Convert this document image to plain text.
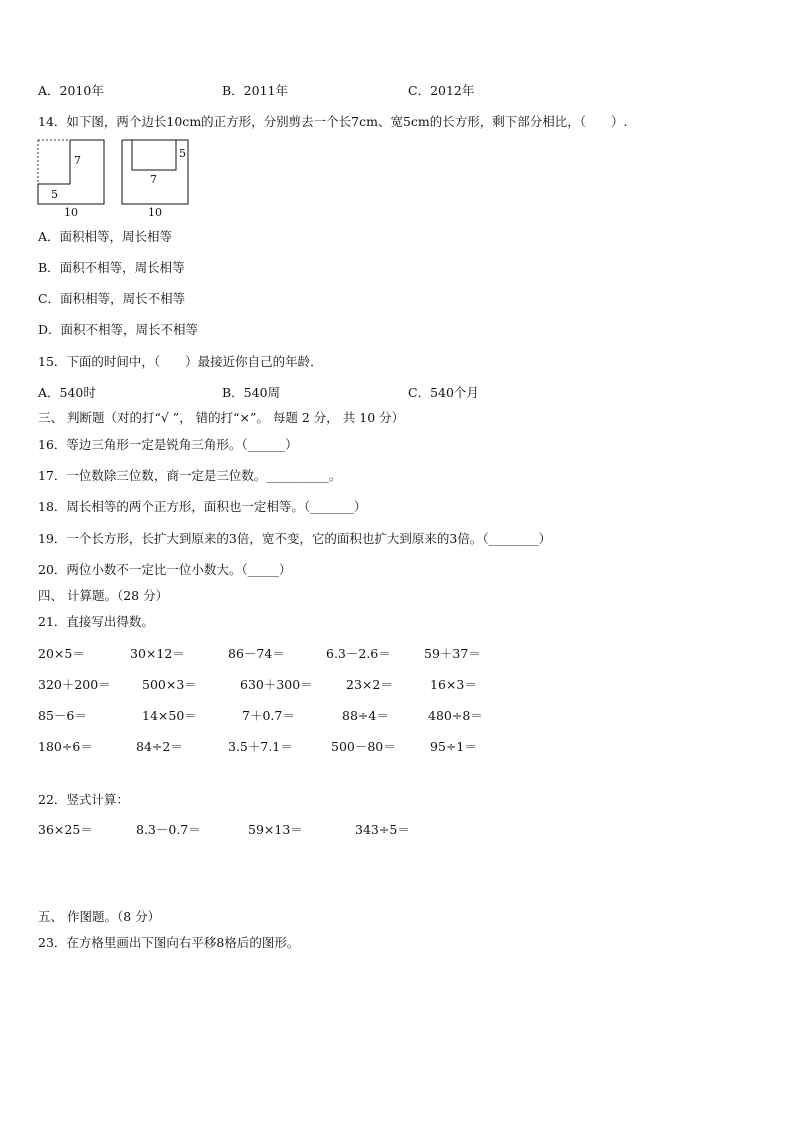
A．2010年	B．2011年	C．2012年
14．如下图，两个边长10cm的正方形，分别剪去一个长7cm、宽5cm的长方形，剩下部分相比，（　　）.
7
5
10
5
7
10
A．面积相等，周长相等
B．面积不相等，周长相等
C．面积相等，周长不相等
D．面积不相等，周长不相等
15．下面的时间中，（　　）最接近你自己的年龄．
A．540时	B．540周	C．540个月
三、 判断题（对的打“√ ”， 错的打“×”。 每题 2 分， 共 10 分）
16．等边三角形一定是锐角三角形。（______）
17．一位数除三位数，商一定是三位数。__________。
18．周长相等的两个正方形，面积也一定相等。（_______）
19．一个长方形，长扩大到原来的3倍，宽不变，它的面积也扩大到原来的3倍。（________）
20．两位小数不一定比一位小数大。（_____）
四、 计算题。（28 分）
21．直接写出得数。
20×5＝	30×12＝	86－74＝	6.3－2.6＝	59＋37＝
320＋200＝	500×3＝	630＋300＝	23×2＝	16×3＝
85－6＝	14×50＝	7＋0.7＝	88÷4＝	480÷8＝
180÷6＝	84÷2＝	3.5＋7.1＝	500－80＝	95÷1＝
22．竖式计算：
36×25＝	8.3－0.7＝	59×13＝	343÷5＝
五、 作图题。（8 分）
23．在方格里画出下图向右平移8格后的图形。
